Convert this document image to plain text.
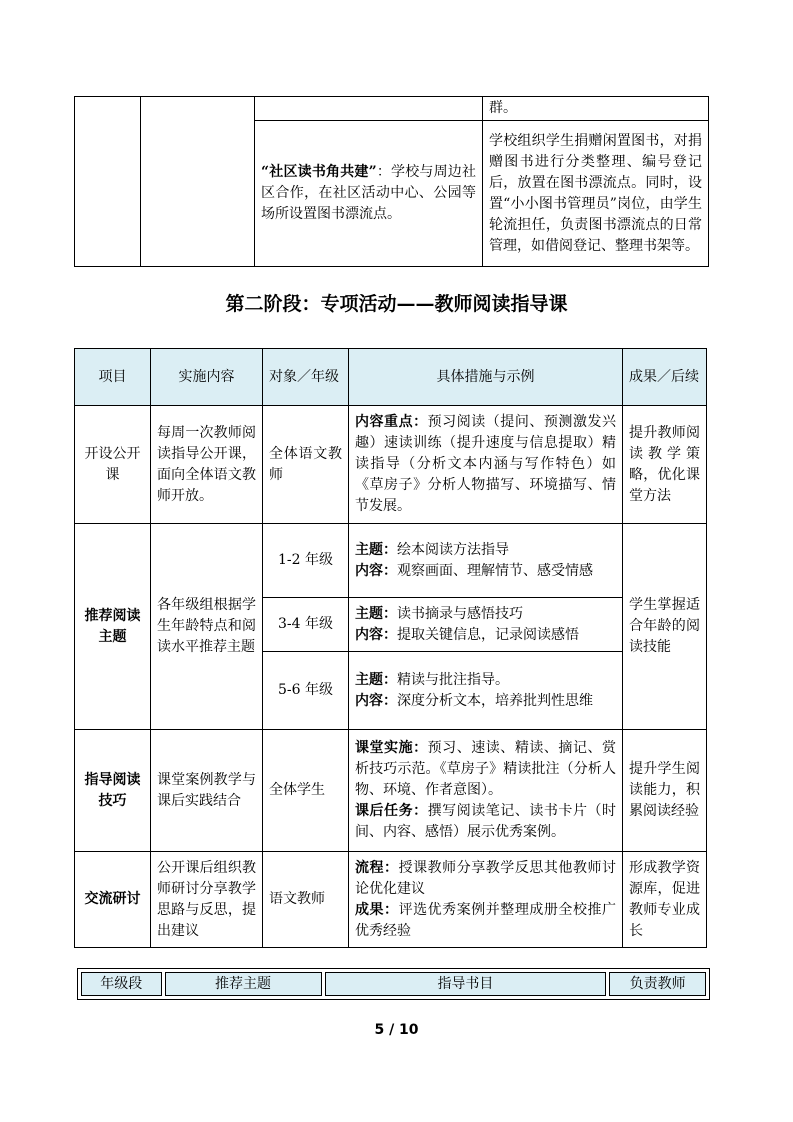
			群。
		“社区读书角共建”：学校与周边社区合作，在社区活动中心、公园等场所设置图书漂流点。	学校组织学生捐赠闲置图书，对捐赠图书进行分类整理、编号登记后，放置在图书漂流点。同时，设置“小小图书管理员”岗位，由学生轮流担任，负责图书漂流点的日常管理，如借阅登记、整理书架等。
第二阶段：专项活动——教师阅读指导课
项目	实施内容	对象／年级	具体措施与示例	成果／后续
开设公开课	每周一次教师阅读指导公开课，面向全体语文教师开放。	全体语文教师	内容重点：预习阅读（提问、预测激发兴趣）速读训练（提升速度与信息提取）精读指导（分析文本内涵与写作特色）如《草房子》分析人物描写、环境描写、情节发展。	提升教师阅读教学策略，优化课堂方法
推荐阅读主题	各年级组根据学生年龄特点和阅读水平推荐主题	1-2 年级	主题：绘本阅读方法指导
内容：观察画面、理解情节、感受情感	学生掌握适合年龄的阅读技能
		3-4 年级	主题：读书摘录与感悟技巧
内容：提取关键信息，记录阅读感悟	
		5-6 年级	主题：精读与批注指导。
内容：深度分析文本，培养批判性思维	
指导阅读技巧	课堂案例教学与课后实践结合	全体学生	课堂实施：预习、速读、精读、摘记、赏析技巧示范。《草房子》精读批注（分析人物、环境、作者意图）。
课后任务：撰写阅读笔记、读书卡片（时间、内容、感悟）展示优秀案例。	提升学生阅读能力，积累阅读经验
交流研讨	公开课后组织教师研讨分享教学思路与反思，提出建议	语文教师	流程：授课教师分享教学反思其他教师讨论优化建议
成果：评选优秀案例并整理成册全校推广优秀经验	形成教学资源库，促进教师专业成长
年级段	推荐主题	指导书目	负责教师
5 / 10
